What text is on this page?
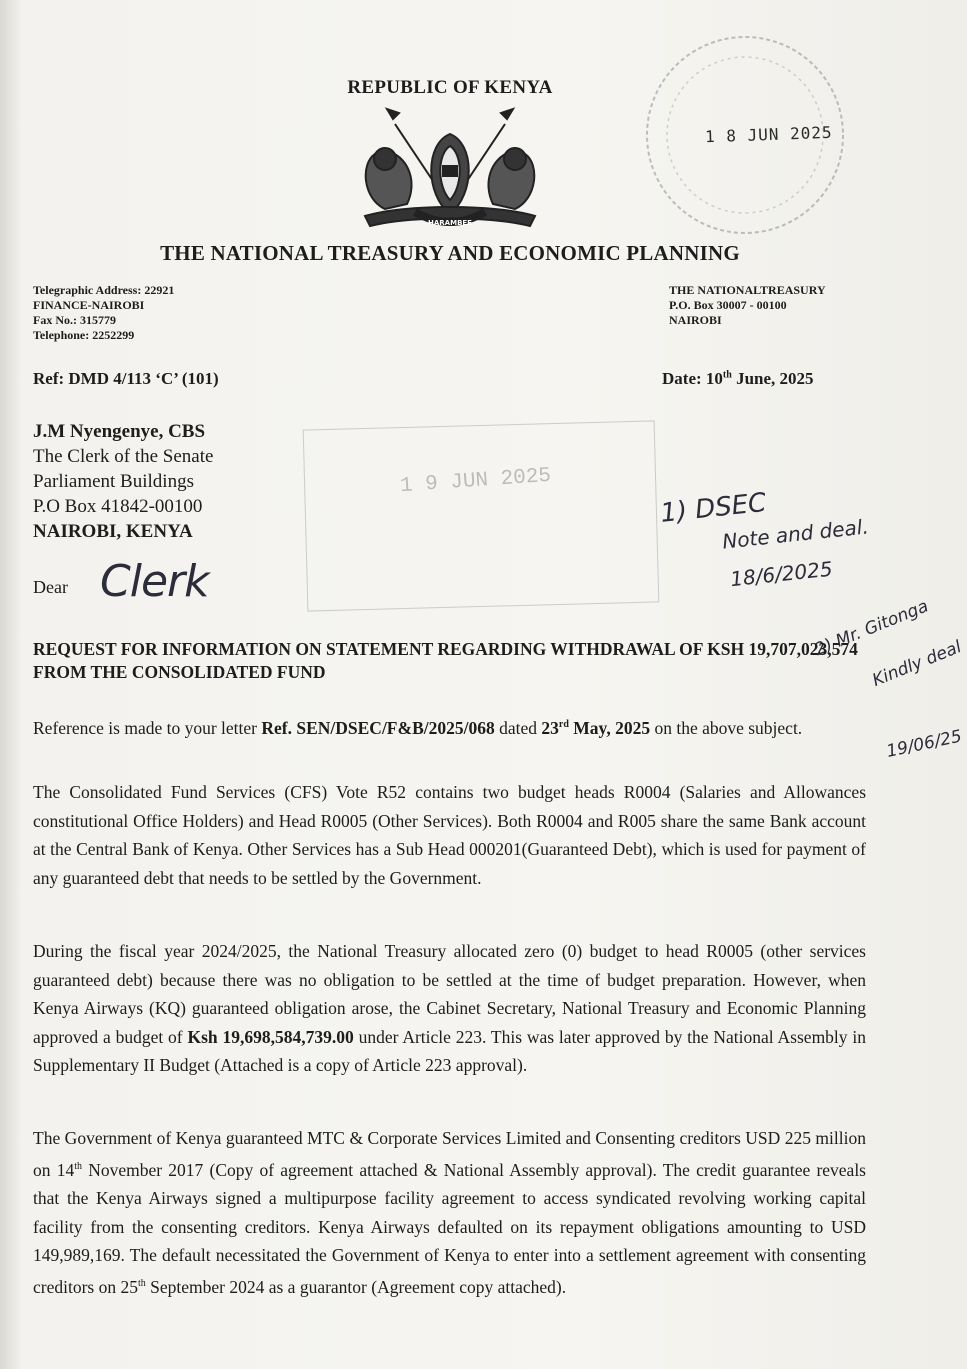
1 8 JUN 2025
REPUBLIC OF KENYA
HARAMBEE
THE NATIONAL TREASURY AND ECONOMIC PLANNING
Telegraphic Address: 22921
FINANCE-NAIROBI
Fax No.: 315779
Telephone: 2252299
THE NATIONALTREASURY
P.O. Box 30007 - 00100
NAIROBI
Ref: DMD 4/113 ‘C’ (101)	Date: 10th June, 2025
1 9 JUN 2025
J.M Nyengenye, CBS
The Clerk of the Senate
Parliament Buildings
P.O Box 41842-00100
NAIROBI, KENYA
Dear Clerk
1) DSEC
Note and deal.
18/6/2025
2) Mr. Gitonga
Kindly deal
19/06/25
REQUEST FOR INFORMATION ON STATEMENT REGARDING WITHDRAWAL OF KSH 19,707,023,574 FROM THE CONSOLIDATED FUND
Reference is made to your letter Ref. SEN/DSEC/F&B/2025/068 dated 23rd May, 2025 on the above subject.
The Consolidated Fund Services (CFS) Vote R52 contains two budget heads R0004 (Salaries and Allowances constitutional Office Holders) and Head R0005 (Other Services). Both R0004 and R005 share the same Bank account at the Central Bank of Kenya. Other Services has a Sub Head 000201(Guaranteed Debt), which is used for payment of any guaranteed debt that needs to be settled by the Government.
During the fiscal year 2024/2025, the National Treasury allocated zero (0) budget to head R0005 (other services guaranteed debt) because there was no obligation to be settled at the time of budget preparation. However, when Kenya Airways (KQ) guaranteed obligation arose, the Cabinet Secretary, National Treasury and Economic Planning approved a budget of Ksh 19,698,584,739.00 under Article 223. This was later approved by the National Assembly in Supplementary II Budget (Attached is a copy of Article 223 approval).
The Government of Kenya guaranteed MTC & Corporate Services Limited and Consenting creditors USD 225 million on 14th November 2017 (Copy of agreement attached & National Assembly approval). The credit guarantee reveals that the Kenya Airways signed a multipurpose facility agreement to access syndicated revolving working capital facility from the consenting creditors. Kenya Airways defaulted on its repayment obligations amounting to USD 149,989,169. The default necessitated the Government of Kenya to enter into a settlement agreement with consenting creditors on 25th September 2024 as a guarantor (Agreement copy attached).
